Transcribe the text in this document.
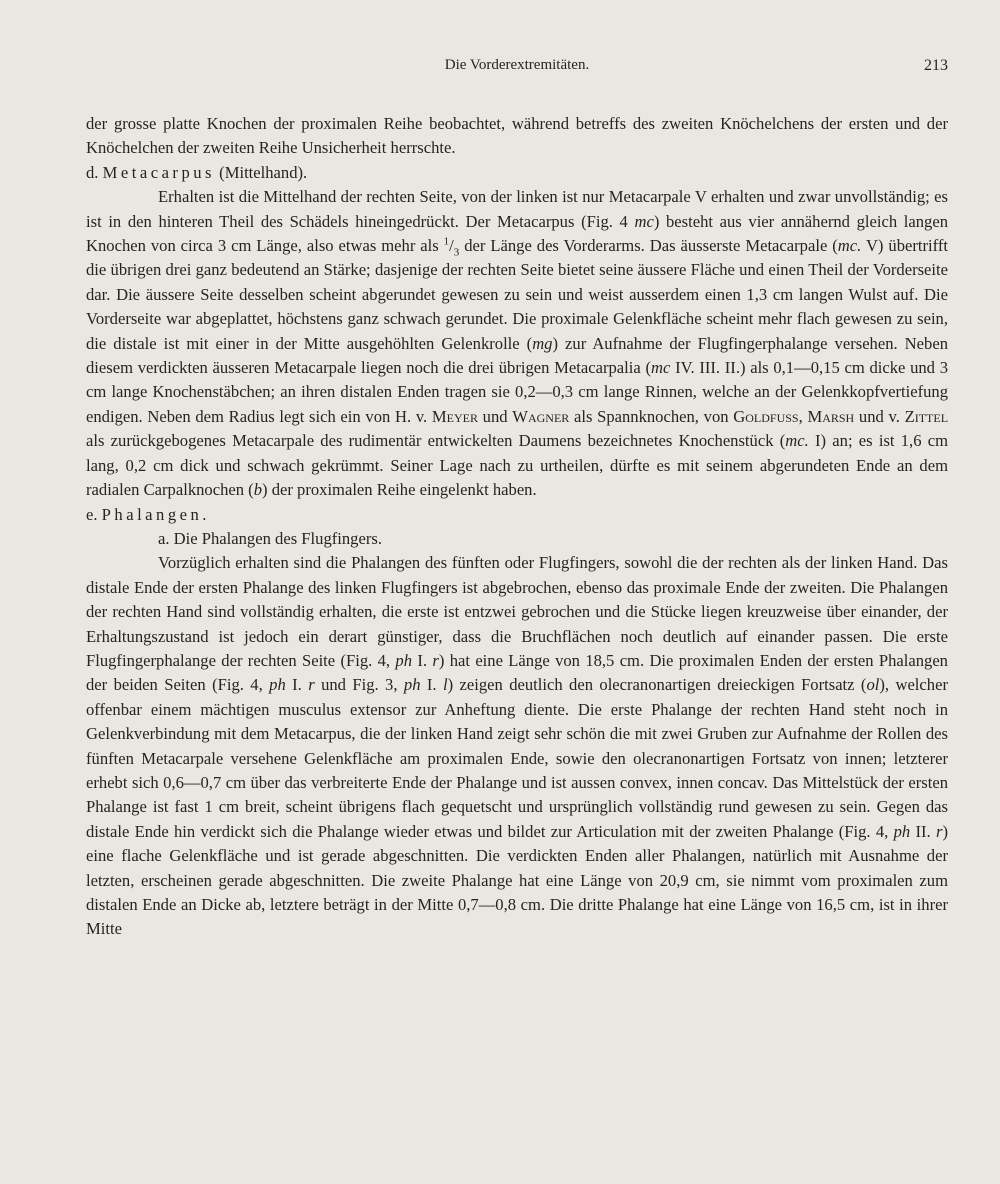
Die Vorderextremitäten.	213

der grosse platte Knochen der proximalen Reihe beobachtet, während betreffs des zweiten Knöchelchens der ersten und der Knöchelchen der zweiten Reihe Unsicherheit herrschte.

d. Metacarpus (Mittelhand).

Erhalten ist die Mittelhand der rechten Seite, von der linken ist nur Metacarpale V erhalten und zwar unvollständig; es ist in den hinteren Theil des Schädels hineingedrückt. Der Metacarpus (Fig. 4 mc) besteht aus vier annähernd gleich langen Knochen von circa 3 cm Länge, also etwas mehr als $^1/_3$ der Länge des Vorderarms. Das äusserste Metacarpale (mc. V) übertrifft die übrigen drei ganz bedeutend an Stärke; dasjenige der rechten Seite bietet seine äussere Fläche und einen Theil der Vorderseite dar. Die äussere Seite desselben scheint abgerundet gewesen zu sein und weist ausserdem einen 1,3 cm langen Wulst auf. Die Vorderseite war abgeplattet, höchstens ganz schwach gerundet. Die proximale Gelenkfläche scheint mehr flach gewesen zu sein, die distale ist mit einer in der Mitte ausgehöhlten Gelenkrolle (mg) zur Aufnahme der Flugfingerphalange versehen. Neben diesem verdickten äusseren Metacarpale liegen noch die drei übrigen Metacarpalia (mc IV. III. II.) als 0,1—0,15 cm dicke und 3 cm lange Knochenstäbchen; an ihren distalen Enden tragen sie 0,2—0,3 cm lange Rinnen, welche an der Gelenkkopfvertiefung endigen. Neben dem Radius legt sich ein von H. v. Meyer und Wagner als Spannknochen, von Goldfuss, Marsh und v. Zittel als zurückgebogenes Metacarpale des rudimentär entwickelten Daumens bezeichnetes Knochenstück (mc. I) an; es ist 1,6 cm lang, 0,2 cm dick und schwach gekrümmt. Seiner Lage nach zu urtheilen, dürfte es mit seinem abgerundeten Ende an dem radialen Carpalknochen (b) der proximalen Reihe eingelenkt haben.

e. Phalangen.

a. Die Phalangen des Flugfingers.

Vorzüglich erhalten sind die Phalangen des fünften oder Flugfingers, sowohl die der rechten als der linken Hand. Das distale Ende der ersten Phalange des linken Flugfingers ist abgebrochen, ebenso das proximale Ende der zweiten. Die Phalangen der rechten Hand sind vollständig erhalten, die erste ist entzwei gebrochen und die Stücke liegen kreuzweise über einander, der Erhaltungszustand ist jedoch ein derart günstiger, dass die Bruchflächen noch deutlich auf einander passen. Die erste Flugfingerphalange der rechten Seite (Fig. 4, ph I. r) hat eine Länge von 18,5 cm. Die proximalen Enden der ersten Phalangen der beiden Seiten (Fig. 4, ph I. r und Fig. 3, ph I. l) zeigen deutlich den olecranonartigen dreieckigen Fortsatz (ol), welcher offenbar einem mächtigen musculus extensor zur Anheftung diente. Die erste Phalange der rechten Hand steht noch in Gelenkverbindung mit dem Metacarpus, die der linken Hand zeigt sehr schön die mit zwei Gruben zur Aufnahme der Rollen des fünften Metacarpale versehene Gelenkfläche am proximalen Ende, sowie den olecranonartigen Fortsatz von innen; letzterer erhebt sich 0,6—0,7 cm über das verbreiterte Ende der Phalange und ist aussen convex, innen concav. Das Mittelstück der ersten Phalange ist fast 1 cm breit, scheint übrigens flach gequetscht und ursprünglich vollständig rund gewesen zu sein. Gegen das distale Ende hin verdickt sich die Phalange wieder etwas und bildet zur Articulation mit der zweiten Phalange (Fig. 4, ph II. r) eine flache Gelenkfläche und ist gerade abgeschnitten. Die verdickten Enden aller Phalangen, natürlich mit Ausnahme der letzten, erscheinen gerade abgeschnitten. Die zweite Phalange hat eine Länge von 20,9 cm, sie nimmt vom proximalen zum distalen Ende an Dicke ab, letztere beträgt in der Mitte 0,7—0,8 cm. Die dritte Phalange hat eine Länge von 16,5 cm, ist in ihrer Mitte
